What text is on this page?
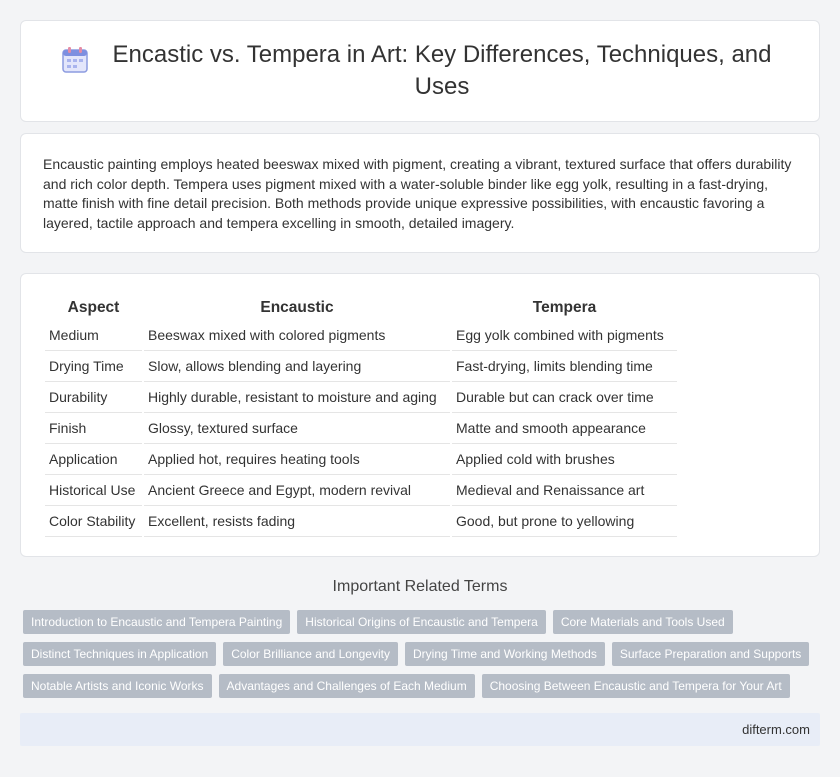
Encastic vs. Tempera in Art: Key Differences, Techniques, and Uses

Encaustic painting employs heated beeswax mixed with pigment, creating a vibrant, textured surface that offers durability and rich color depth. Tempera uses pigment mixed with a water-soluble binder like egg yolk, resulting in a fast-drying, matte finish with fine detail precision. Both methods provide unique expressive possibilities, with encaustic favoring a layered, tactile approach and tempera excelling in smooth, detailed imagery.

Aspect	Encaustic	Tempera
Medium	Beeswax mixed with colored pigments	Egg yolk combined with pigments
Drying Time	Slow, allows blending and layering	Fast-drying, limits blending time
Durability	Highly durable, resistant to moisture and aging	Durable but can crack over time
Finish	Glossy, textured surface	Matte and smooth appearance
Application	Applied hot, requires heating tools	Applied cold with brushes
Historical Use	Ancient Greece and Egypt, modern revival	Medieval and Renaissance art
Color Stability	Excellent, resists fading	Good, but prone to yellowing
Important Related Terms
Introduction to Encaustic and Tempera Painting	Historical Origins of Encaustic and Tempera	Core Materials and Tools Used
Distinct Techniques in Application	Color Brilliance and Longevity	Drying Time and Working Methods	Surface Preparation and Supports
Notable Artists and Iconic Works	Advantages and Challenges of Each Medium	Choosing Between Encaustic and Tempera for Your Art
difterm.com
